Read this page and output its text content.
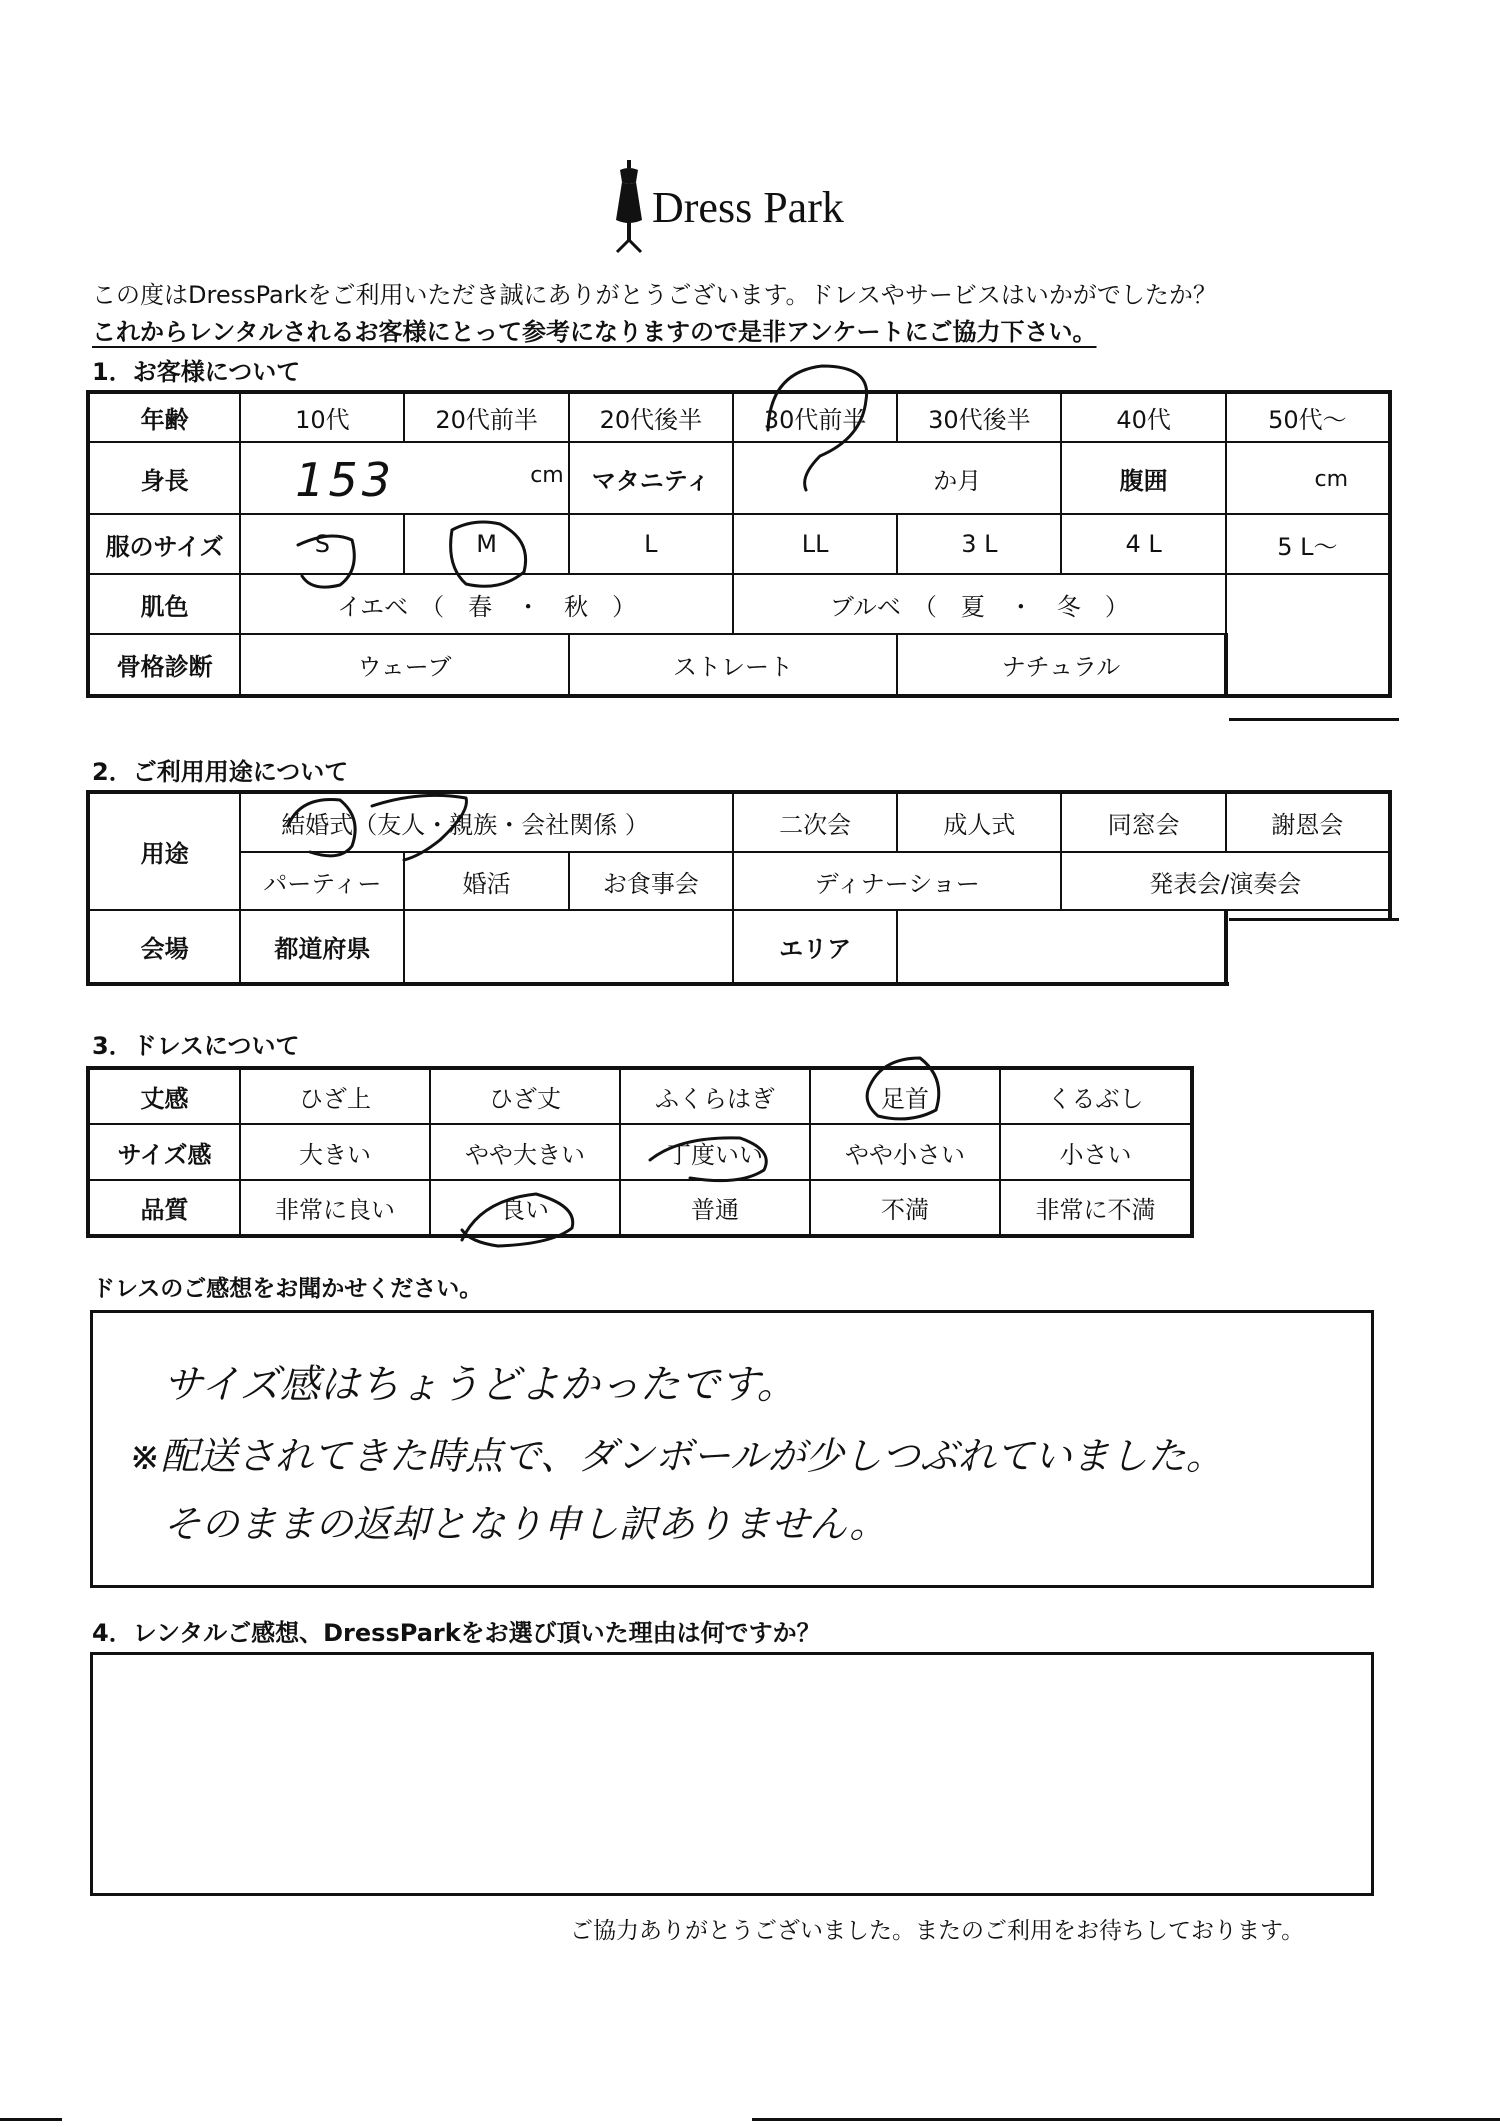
Dress Park
この度はDressParkをご利用いただき誠にありがとうございます。ドレスやサービスはいかがでしたか？
これからレンタルされるお客様にとって参考になりますので是非アンケートにご協力下さい。
1．お客様について
年齢	10代	20代前半	20代後半	30代前半	30代後半	40代	50代～
身長	153 cm		マタニティ	か月		腹囲	cm
服のサイズ	S	M	L	LL	3 L	4 L	5 L～
肌色	イエベ　（　春　・　秋　）			ブルベ　（　夏　・　冬　）			
骨格診断	ウェーブ		ストレート		ナチュラル		
2．ご利用用途について
用途	結婚式（友人・親族・会社関係 ）			二次会	成人式	同窓会	謝恩会
	パーティー	婚活	お食事会	ディナーショー		発表会/演奏会	
会場	都道府県			エリア			
3．ドレスについて
丈感	ひざ上	ひざ丈	ふくらはぎ	足首	くるぶし
サイズ感	大きい	やや大きい	丁度いい	やや小さい	小さい
品質	非常に良い	良い	普通	不満	非常に不満
ドレスのご感想をお聞かせください。
サイズ感はちょうどよかったです。
※配送されてきた時点で、ダンボールが少しつぶれていました。
そのままの返却となり申し訳ありません。
4．レンタルご感想、DressParkをお選び頂いた理由は何ですか？
ご協力ありがとうございました。またのご利用をお待ちしております。
